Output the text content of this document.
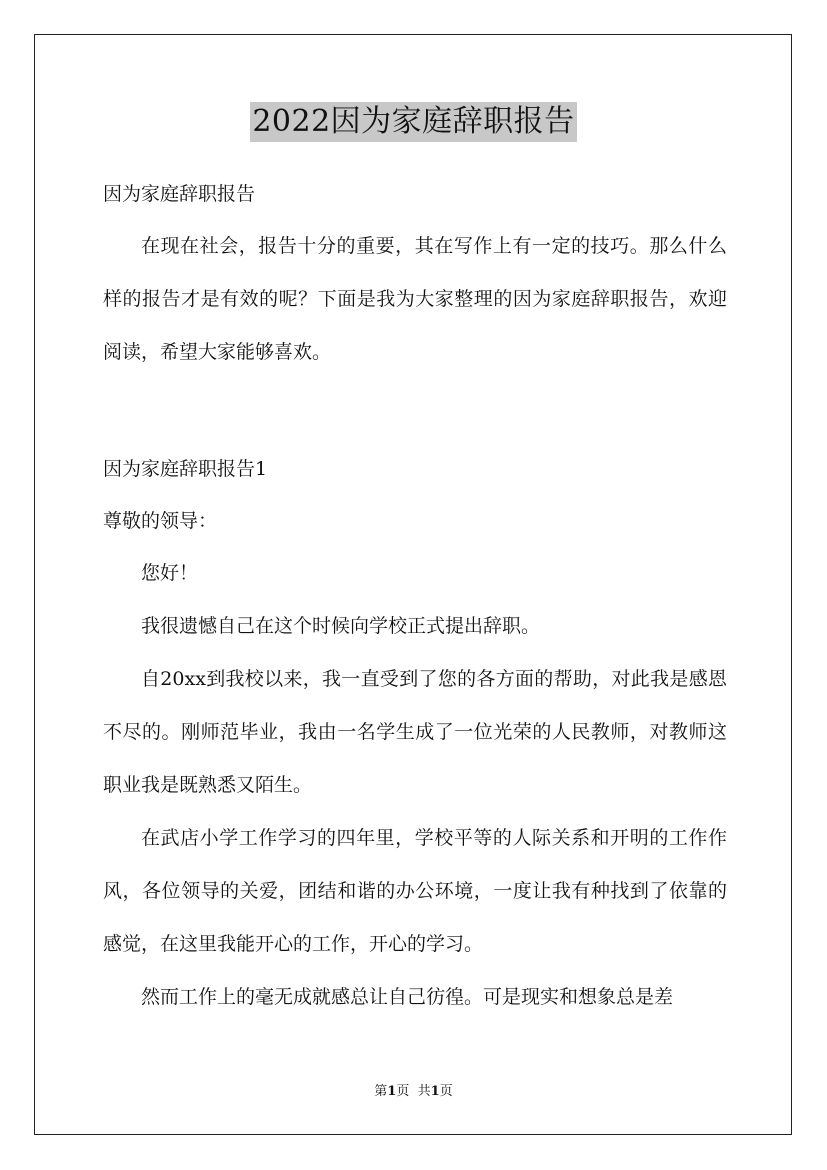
2022因为家庭辞职报告

因为家庭辞职报告

在现在社会，报告十分的重要，其在写作上有一定的技巧。那么什么样的报告才是有效的呢？下面是我为大家整理的因为家庭辞职报告，欢迎阅读，希望大家能够喜欢。

因为家庭辞职报告1

尊敬的领导：

您好！

我很遗憾自己在这个时候向学校正式提出辞职。

自20xx到我校以来，我一直受到了您的各方面的帮助，对此我是感恩不尽的。刚师范毕业，我由一名学生成了一位光荣的人民教师，对教师这职业我是既熟悉又陌生。

在武店小学工作学习的四年里，学校平等的人际关系和开明的工作作风，各位领导的关爱，团结和谐的办公环境，一度让我有种找到了依靠的感觉，在这里我能开心的工作，开心的学习。

然而工作上的毫无成就感总让自己彷徨。可是现实和想象总是差

第1页 共1页
